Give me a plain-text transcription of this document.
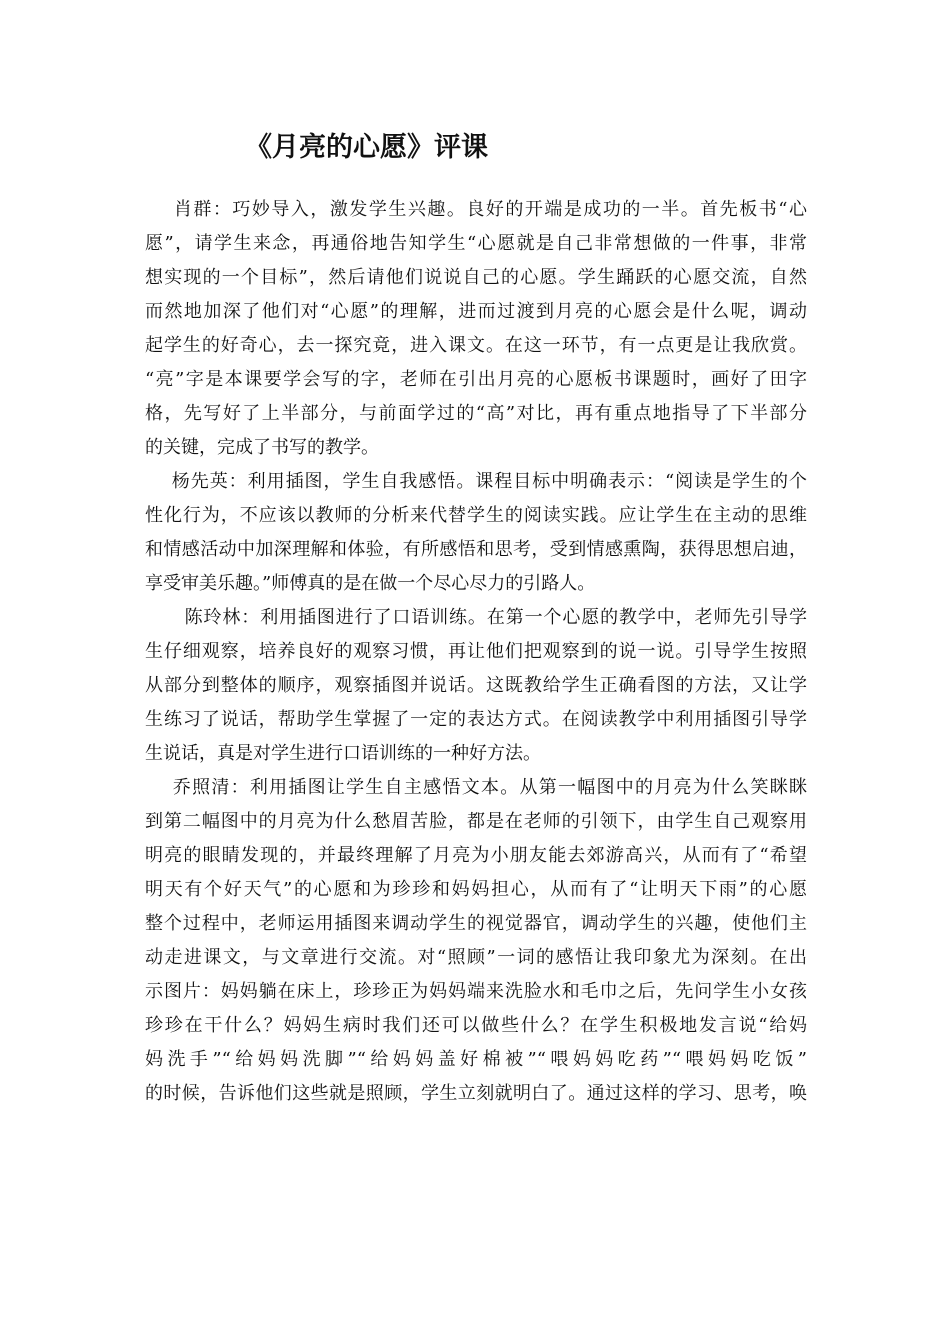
《月亮的心愿》评课

肖群：巧妙导入，激发学生兴趣。良好的开端是成功的一半。首先板书“心

愿”，请学生来念，再通俗地告知学生“心愿就是自己非常想做的一件事，非常

想实现的一个目标”，然后请他们说说自己的心愿。学生踊跃的心愿交流，自然

而然地加深了他们对“心愿”的理解，进而过渡到月亮的心愿会是什么呢，调动

起学生的好奇心，去一探究竟，进入课文。在这一环节，有一点更是让我欣赏。

“亮”字是本课要学会写的字，老师在引出月亮的心愿板书课题时，画好了田字

格，先写好了上半部分，与前面学过的“高”对比，再有重点地指导了下半部分

的关键，完成了书写的教学。

杨先英：利用插图，学生自我感悟。课程目标中明确表示：“阅读是学生的个

性化行为，不应该以教师的分析来代替学生的阅读实践。应让学生在主动的思维

和情感活动中加深理解和体验，有所感悟和思考，受到情感熏陶，获得思想启迪，

享受审美乐趣。”师傅真的是在做一个尽心尽力的引路人。

陈玲林：利用插图进行了口语训练。在第一个心愿的教学中，老师先引导学

生仔细观察，培养良好的观察习惯，再让他们把观察到的说一说。引导学生按照

从部分到整体的顺序，观察插图并说话。这既教给学生正确看图的方法，又让学

生练习了说话，帮助学生掌握了一定的表达方式。在阅读教学中利用插图引导学

生说话，真是对学生进行口语训练的一种好方法。

乔照清：利用插图让学生自主感悟文本。从第一幅图中的月亮为什么笑眯眯

到第二幅图中的月亮为什么愁眉苦脸，都是在老师的引领下，由学生自己观察用

明亮的眼睛发现的，并最终理解了月亮为小朋友能去郊游高兴，从而有了“希望

明天有个好天气”的心愿和为珍珍和妈妈担心，从而有了“让明天下雨”的心愿

整个过程中，老师运用插图来调动学生的视觉器官，调动学生的兴趣，使他们主

动走进课文，与文章进行交流。对“照顾”一词的感悟让我印象尤为深刻。在出

示图片：妈妈躺在床上，珍珍正为妈妈端来洗脸水和毛巾之后，先问学生小女孩

珍珍在干什么？妈妈生病时我们还可以做些什么？在学生积极地发言说“给妈

妈洗手”“给妈妈洗脚”“给妈妈盖好棉被”“喂妈妈吃药”“喂妈妈吃饭”

的时候，告诉他们这些就是照顾，学生立刻就明白了。通过这样的学习、思考，唤
